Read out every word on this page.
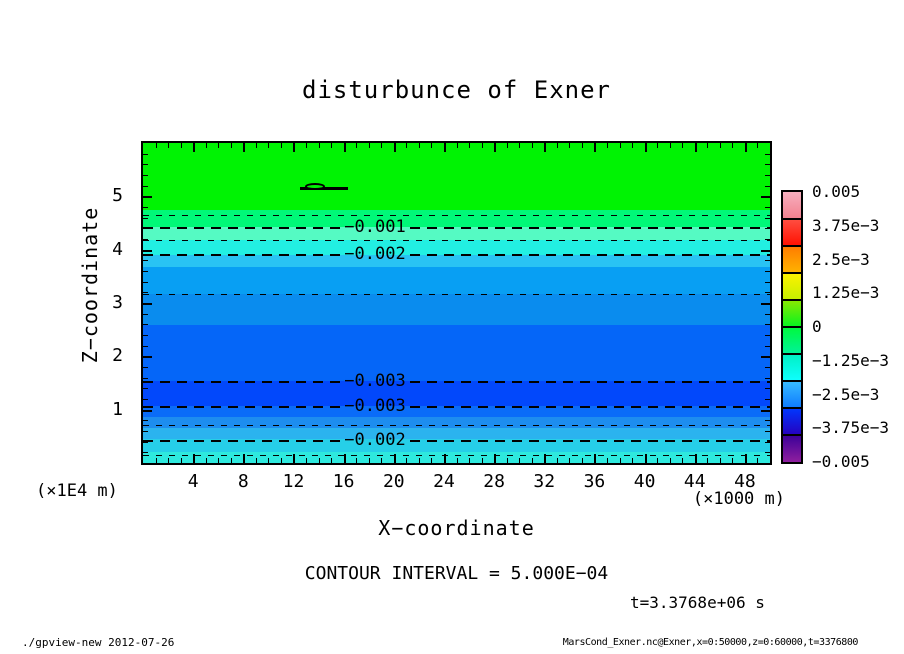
disturbunce of Exner
−0.001
−0.002
−0.003
−0.003
−0.002
Z−coordinate
X−coordinate
(×1E4 m)	(×1000 m)
0.005
3.75e−3
2.5e−3
1.25e−3
0
−1.25e−3
−2.5e−3
−3.75e−3
−0.005
4	8	12	16	20	24	28	32	36	40	44	48
1
2
3
4
5
CONTOUR INTERVAL = 5.000E−04
t=3.3768e+06 s
./gpview-new 2012-07-26	MarsCond_Exner.nc@Exner,x=0:50000,z=0:60000,t=3376800
